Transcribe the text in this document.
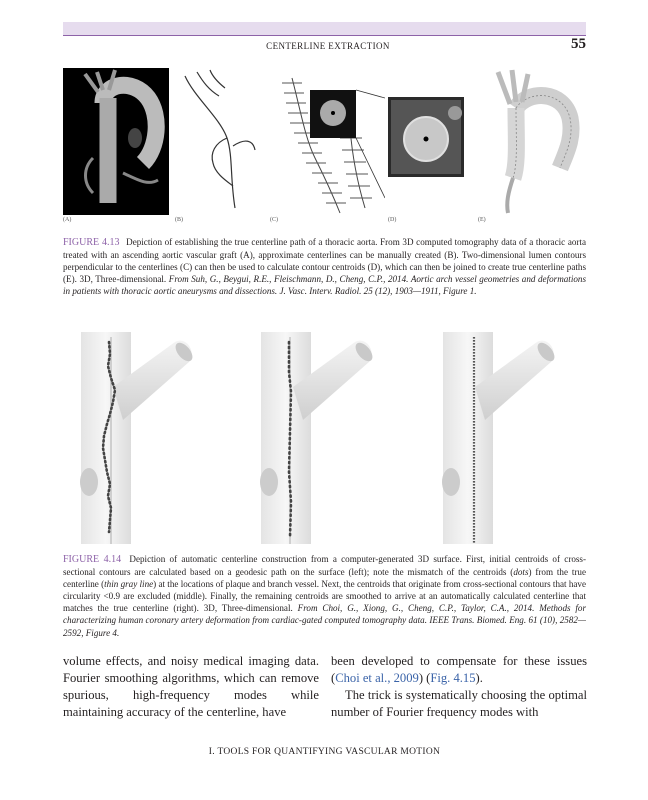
CENTERLINE EXTRACTION	55
(A)	(B)	(C)	(D)	(E)
FIGURE 4.13 Depiction of establishing the true centerline path of a thoracic aorta. From 3D computed tomography data of a thoracic aorta treated with an ascending aortic vascular graft (A), approximate centerlines can be manually created (B). Two-dimensional lumen contours perpendicular to the centerlines (C) can then be used to calculate contour centroids (D), which can then be joined to create true centerline paths (E). 3D, Three-dimensional. From Suh, G., Beygui, R.E., Fleischmann, D., Cheng, C.P., 2014. Aortic arch vessel geometries and deformations in patients with thoracic aortic aneurysms and dissections. J. Vasc. Interv. Radiol. 25 (12), 1903—1911, Figure 1.
FIGURE 4.14 Depiction of automatic centerline construction from a computer-generated 3D surface. First, initial centroids of cross-sectional contours are calculated based on a geodesic path on the surface (left); note the mismatch of the centroids (dots) from the true centerline (thin gray line) at the locations of plaque and branch vessel. Next, the centroids that originate from cross-sectional contours that have circularity <0.9 are excluded (middle). Finally, the remaining centroids are smoothed to arrive at an automatically calculated centerline that matches the true centerline (right). 3D, Three-dimensional. From Choi, G., Xiong, G., Cheng, C.P., Taylor, C.A., 2014. Methods for characterizing human coronary artery deformation from cardiac-gated computed tomography data. IEEE Trans. Biomed. Eng. 61 (10), 2582—2592, Figure 4.

volume effects, and noisy medical imaging data. Fourier smoothing algorithms, which can remove spurious, high-frequency modes while maintaining accuracy of the centerline, have

been developed to compensate for these issues (Choi et al., 2009) (Fig. 4.15).

The trick is systematically choosing the optimal number of Fourier frequency modes with

I. TOOLS FOR QUANTIFYING VASCULAR MOTION
